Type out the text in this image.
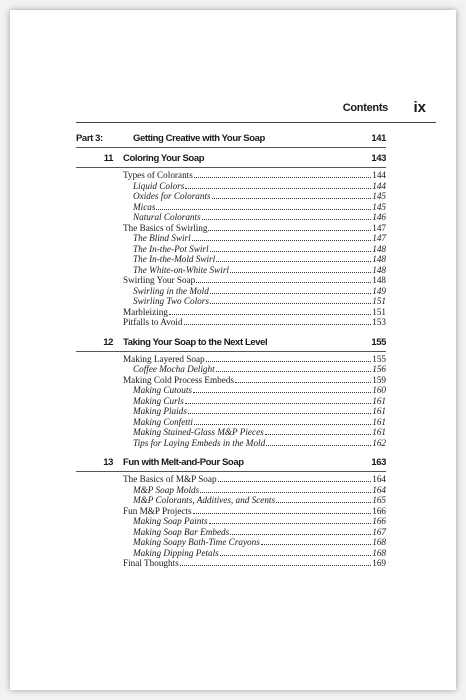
Contents ix
Part 3:	Getting Creative with Your Soap	141
11 Coloring Your Soap	143
Types of Colorants	144
Liquid Colors	144
Oxides for Colorants	145
Micas	145
Natural Colorants	146
The Basics of Swirling	147
The Blind Swirl	147
The In-the-Pot Swirl	148
The In-the-Mold Swirl	148
The White-on-White Swirl	148
Swirling Your Soap	148
Swirling in the Mold	149
Swirling Two Colors	151
Marbleizing	151
Pitfalls to Avoid	153
12 Taking Your Soap to the Next Level	155
Making Layered Soap	155
Coffee Mocha Delight	156
Making Cold Process Embeds	159
Making Cutouts	160
Making Curls	161
Making Plaids	161
Making Confetti	161
Making Stained-Glass M&P Pieces	161
Tips for Laying Embeds in the Mold	162
13 Fun with Melt-and-Pour Soap	163
The Basics of M&P Soap	164
M&P Soap Molds	164
M&P Colorants, Additives, and Scents	165
Fun M&P Projects	166
Making Soap Paints	166
Making Soap Bar Embeds	167
Making Soapy Bath-Time Crayons	168
Making Dipping Petals	168
Final Thoughts	169
